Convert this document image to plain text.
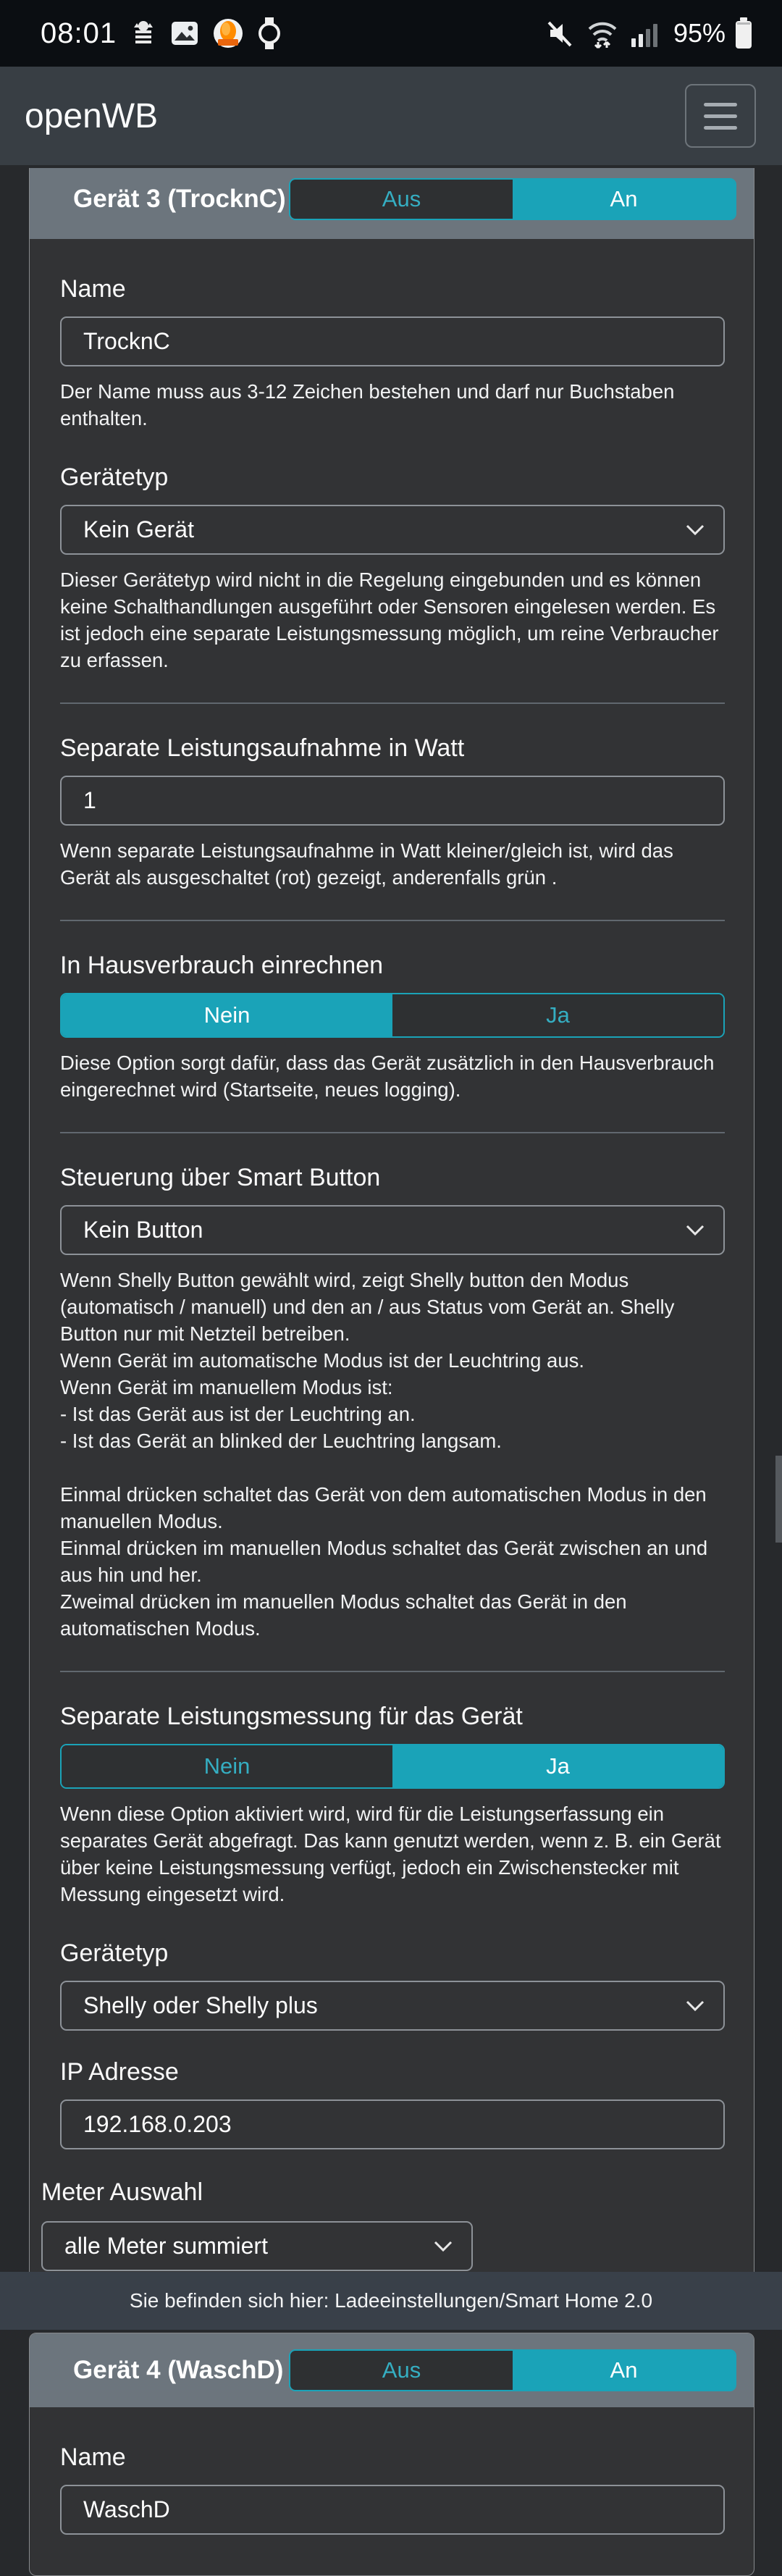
08:01	95%
openWB
Gerät 3 (TrocknC)	Aus	An
Name
TrocknC
Der Name muss aus 3-12 Zeichen bestehen und darf nur Buchstaben enthalten.
Gerätetyp
Kein Gerät
Dieser Gerätetyp wird nicht in die Regelung eingebunden und es können keine Schalthandlungen ausgeführt oder Sensoren eingelesen werden. Es ist jedoch eine separate Leistungsmessung möglich, um reine Verbraucher zu erfassen.
Separate Leistungsaufnahme in Watt
1
Wenn separate Leistungsaufnahme in Watt kleiner/gleich ist, wird das Gerät als ausgeschaltet (rot) gezeigt, anderenfalls grün .
In Hausverbrauch einrechnen
Nein	Ja
Diese Option sorgt dafür, dass das Gerät zusätzlich in den Hausverbrauch eingerechnet wird (Startseite, neues logging).
Steuerung über Smart Button
Kein Button
Wenn Shelly Button gewählt wird, zeigt Shelly button den Modus (automatisch / manuell) und den an / aus Status vom Gerät an. Shelly Button nur mit Netzteil betreiben.
Wenn Gerät im automatische Modus ist der Leuchtring aus.
Wenn Gerät im manuellem Modus ist:
- Ist das Gerät aus ist der Leuchtring an.
- Ist das Gerät an blinked der Leuchtring langsam.
Einmal drücken schaltet das Gerät von dem automatischen Modus in den manuellen Modus.
Einmal drücken im manuellen Modus schaltet das Gerät zwischen an und aus hin und her.
Zweimal drücken im manuellen Modus schaltet das Gerät in den automatischen Modus.
Separate Leistungsmessung für das Gerät
Nein	Ja
Wenn diese Option aktiviert wird, wird für die Leistungserfassung ein separates Gerät abgefragt. Das kann genutzt werden, wenn z. B. ein Gerät über keine Leistungsmessung verfügt, jedoch ein Zwischenstecker mit Messung eingesetzt wird.
Gerätetyp
Shelly oder Shelly plus
IP Adresse
192.168.0.203
Meter Auswahl
alle Meter summiert
Gerät 4 (WaschD)	Aus	An
Name
WaschD
Sie befinden sich hier: Ladeeinstellungen/Smart Home 2.0
